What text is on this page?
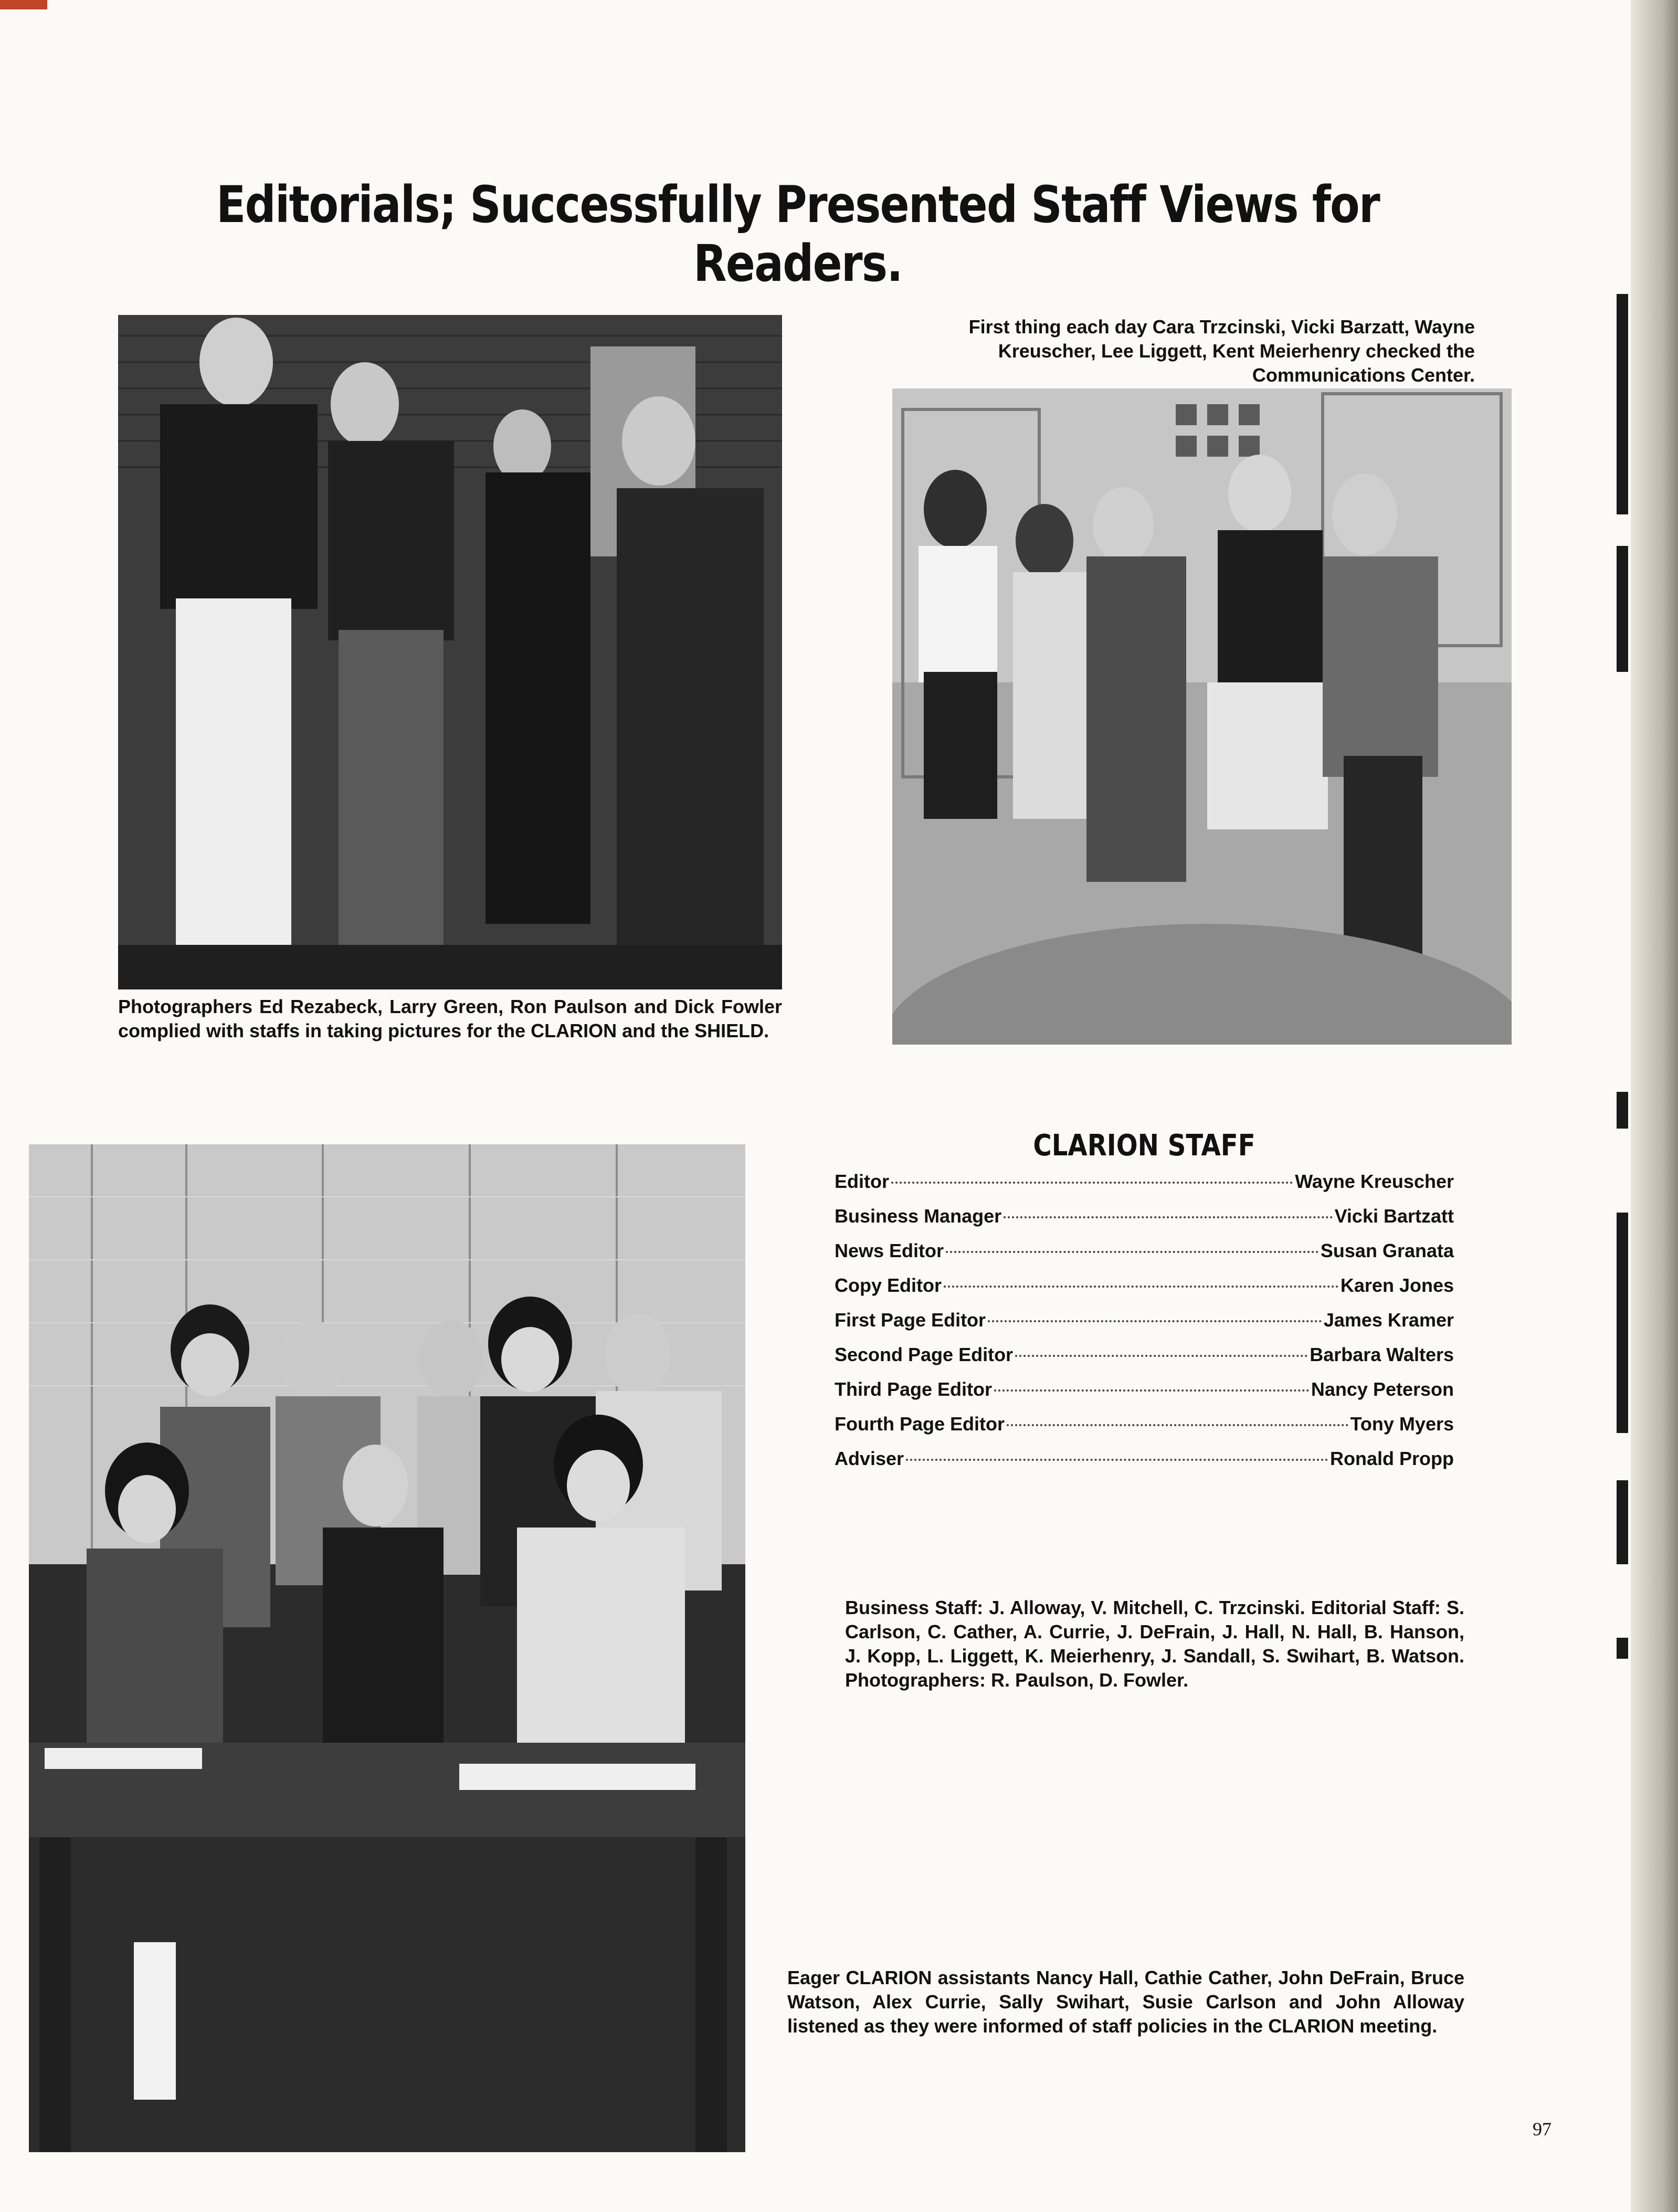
Editorials; Successfully Presented Staff Views for Readers.

Photographers Ed Rezabeck, Larry Green, Ron Paulson and Dick Fowler complied with staffs in taking pictures for the CLARION and the SHIELD.

First thing each day Cara Trzcinski, Vicki Barzatt, Wayne Kreuscher, Lee Liggett, Kent Meierhenry checked the Communications Center.

CLARION STAFF
Editor	Wayne Kreuscher
Business Manager	Vicki Bartzatt
News Editor	Susan Granata
Copy Editor	Karen Jones
First Page Editor	James Kramer
Second Page Editor	Barbara Walters
Third Page Editor	Nancy Peterson
Fourth Page Editor	Tony Myers
Adviser	Ronald Propp

Business Staff: J. Alloway, V. Mitchell, C. Trzcinski. Editorial Staff: S. Carlson, C. Cather, A. Currie, J. DeFrain, J. Hall, N. Hall, B. Hanson, J. Kopp, L. Liggett, K. Meierhenry, J. Sandall, S. Swihart, B. Watson. Photographers: R. Paulson, D. Fowler.

Eager CLARION assistants Nancy Hall, Cathie Cather, John DeFrain, Bruce Watson, Alex Currie, Sally Swihart, Susie Carlson and John Alloway listened as they were informed of staff policies in the CLARION meeting.

97
